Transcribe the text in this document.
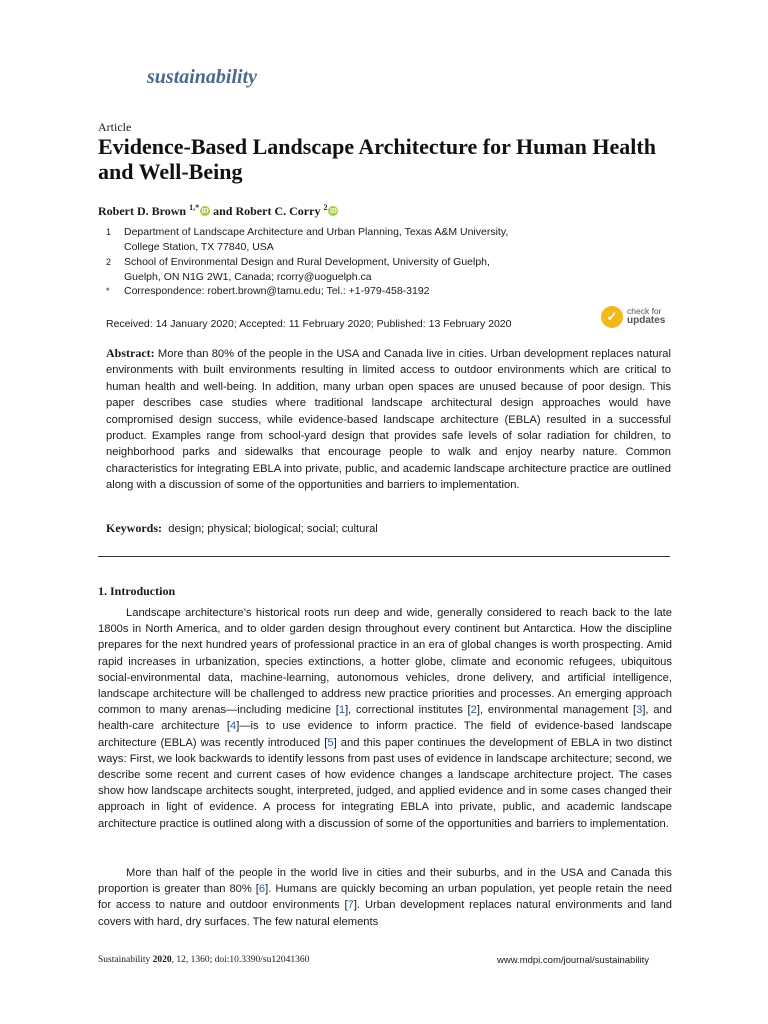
sustainability
Article
Evidence-Based Landscape Architecture for Human Health and Well-Being
Robert D. Brown $^{1,*}$ iD and Robert C. Corry $^2$ iD
1 Department of Landscape Architecture and Urban Planning, Texas A&M University,
College Station, TX 77840, USA
2 School of Environmental Design and Rural Development, University of Guelph,
Guelph, ON N1G 2W1, Canada; rcorry@uoguelph.ca
* Correspondence: robert.brown@tamu.edu; Tel.: +1-979-458-3192
Received: 14 January 2020; Accepted: 11 February 2020; Published: 13 February 2020	✓	check for
updates

Abstract: More than 80% of the people in the USA and Canada live in cities. Urban development replaces natural environments with built environments resulting in limited access to outdoor environments which are critical to human health and well-being. In addition, many urban open spaces are unused because of poor design. This paper describes case studies where traditional landscape architectural design approaches would have compromised design success, while evidence-based landscape architecture (EBLA) resulted in a successful product. Examples range from school-yard design that provides safe levels of solar radiation for children, to neighborhood parks and sidewalks that encourage people to walk and enjoy nearby nature. Common characteristics for integrating EBLA into private, public, and academic landscape architecture practice are outlined along with a discussion of some of the opportunities and barriers to implementation.

Keywords: design; physical; biological; social; cultural
1. Introduction

Landscape architecture’s historical roots run deep and wide, generally considered to reach back to the late 1800s in North America, and to older garden design throughout every continent but Antarctica. How the discipline prepares for the next hundred years of professional practice in an era of global changes is worth prospecting. Amid rapid increases in urbanization, species extinctions, a hotter globe, climate and economic refugees, ubiquitous social-environmental data, machine-learning, autonomous vehicles, drone delivery, and artificial intelligence, landscape architecture will be challenged to address new practice priorities and processes. An emerging approach common to many arenas—including medicine [1], correctional institutes [2], environmental management [3], and health-care architecture [4]—is to use evidence to inform practice. The field of evidence-based landscape architecture (EBLA) was recently introduced [5] and this paper continues the development of EBLA in two distinct ways: First, we look backwards to identify lessons from past uses of evidence in landscape architecture; second, we describe some recent and current cases of how evidence changes a landscape architecture project. The cases show how landscape architects sought, interpreted, judged, and applied evidence and in some cases changed their approach in light of evidence. A process for integrating EBLA into private, public, and academic landscape architecture practice is outlined along with a discussion of some of the opportunities and barriers to implementation.

More than half of the people in the world live in cities and their suburbs, and in the USA and Canada this proportion is greater than 80% [6]. Humans are quickly becoming an urban population, yet people retain the need for access to nature and outdoor environments [7]. Urban development replaces natural environments and land covers with hard, dry surfaces. The few natural elements

Sustainability 2020, 12, 1360; doi:10.3390/su12041360	www.mdpi.com/journal/sustainability
